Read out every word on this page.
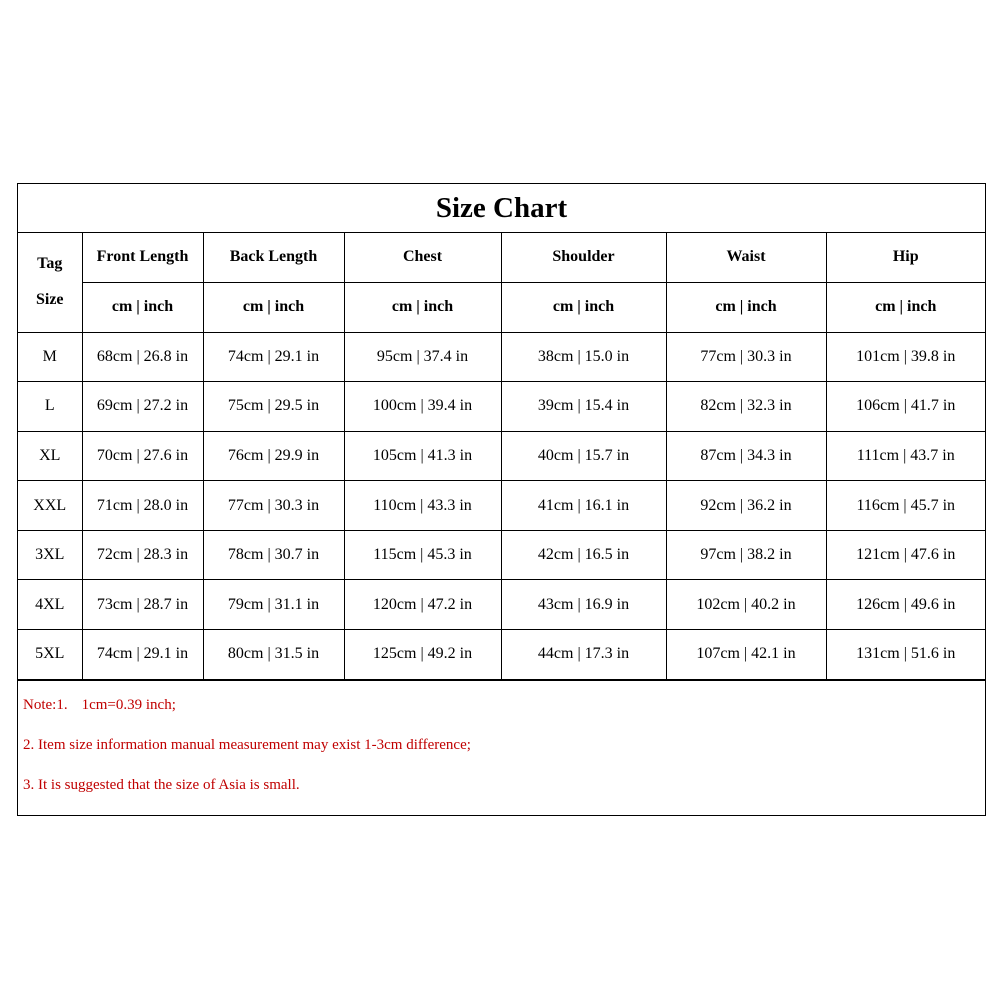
Size Chart
Tag
Size	Front Length	Back Length	Chest	Shoulder	Waist	Hip
	cm | inch	cm | inch	cm | inch	cm | inch	cm | inch	cm | inch
M	68cm | 26.8 in	74cm | 29.1 in	95cm | 37.4 in	38cm | 15.0 in	77cm | 30.3 in	101cm | 39.8 in
L	69cm | 27.2 in	75cm | 29.5 in	100cm | 39.4 in	39cm | 15.4 in	82cm | 32.3 in	106cm | 41.7 in
XL	70cm | 27.6 in	76cm | 29.9 in	105cm | 41.3 in	40cm | 15.7 in	87cm | 34.3 in	111cm | 43.7 in
XXL	71cm | 28.0 in	77cm | 30.3 in	110cm | 43.3 in	41cm | 16.1 in	92cm | 36.2 in	116cm | 45.7 in
3XL	72cm | 28.3 in	78cm | 30.7 in	115cm | 45.3 in	42cm | 16.5 in	97cm | 38.2 in	121cm | 47.6 in
4XL	73cm | 28.7 in	79cm | 31.1 in	120cm | 47.2 in	43cm | 16.9 in	102cm | 40.2 in	126cm | 49.6 in
5XL	74cm | 29.1 in	80cm | 31.5 in	125cm | 49.2 in	44cm | 17.3 in	107cm | 42.1 in	131cm | 51.6 in
Note:1. 1cm=0.39 inch;
2. Item size information manual measurement may exist 1-3cm difference;
3. It is suggested that the size of Asia is small.
